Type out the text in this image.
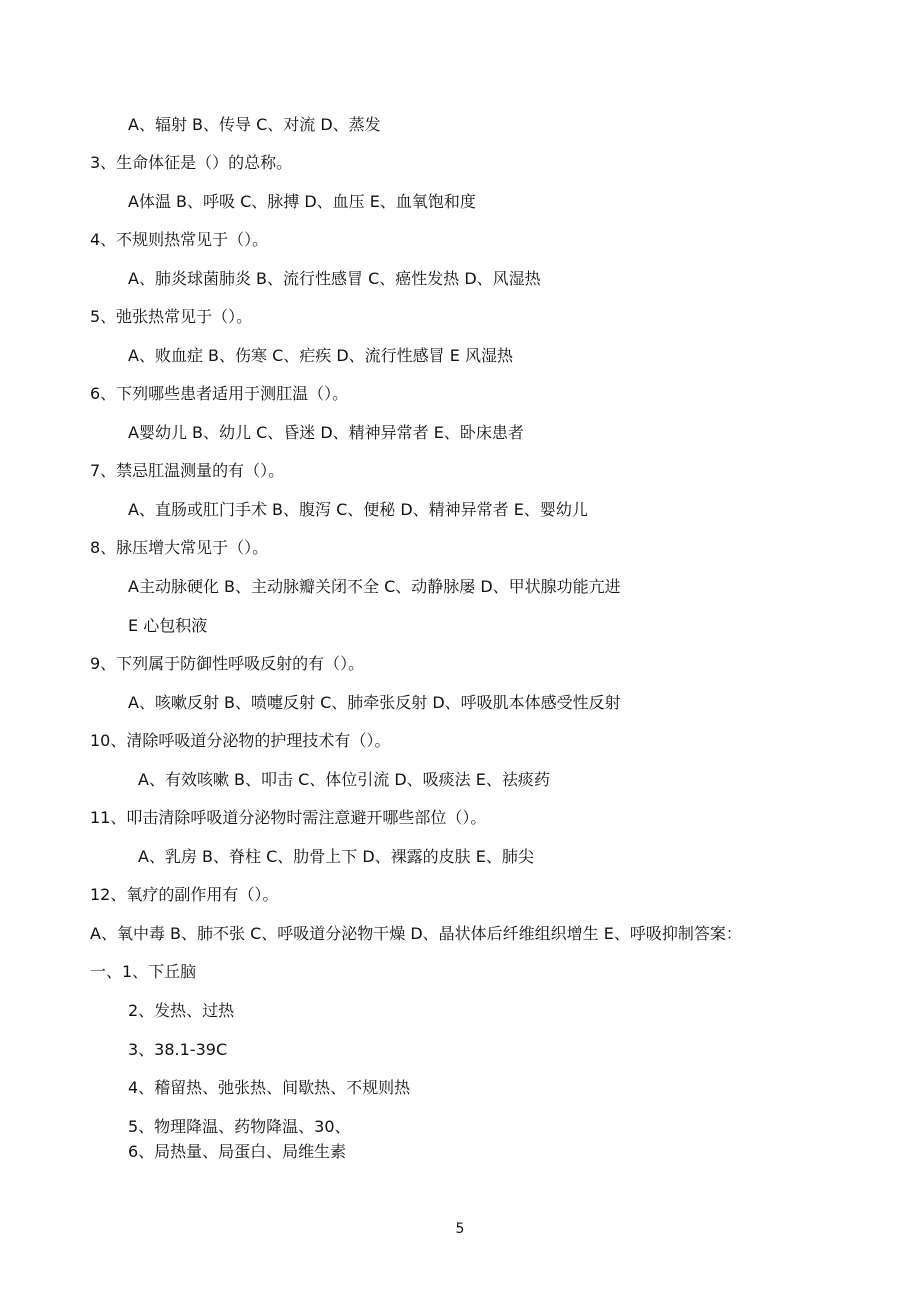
A、辐射 B、传导 C、对流 D、蒸发
3、生命体征是（）的总称。
A体温 B、呼吸 C、脉搏 D、血压 E、血氧饱和度
4、不规则热常见于（）。
A、肺炎球菌肺炎 B、流行性感冒 C、癌性发热 D、风湿热
5、弛张热常见于（）。
A、败血症 B、伤寒 C、疟疾 D、流行性感冒 E 风湿热
6、下列哪些患者适用于测肛温（）。
A婴幼儿 B、幼儿 C、昏迷 D、精神异常者 E、卧床患者
7、禁忌肛温测量的有（）。
A、直肠或肛门手术 B、腹泻 C、便秘 D、精神异常者 E、婴幼儿
8、脉压增大常见于（）。
A主动脉硬化 B、主动脉瓣关闭不全 C、动静脉屡 D、甲状腺功能亢进
E 心包积液
9、下列属于防御性呼吸反射的有（）。
A、咳嗽反射 B、喷嚏反射 C、肺牵张反射 D、呼吸肌本体感受性反射
10、清除呼吸道分泌物的护理技术有（）。
A、有效咳嗽 B、叩击 C、体位引流 D、吸痰法 E、祛痰药
11、叩击清除呼吸道分泌物时需注意避开哪些部位（）。
A、乳房 B、脊柱 C、肋骨上下 D、裸露的皮肤 E、肺尖
12、氧疗的副作用有（）。
A、氧中毒 B、肺不张 C、呼吸道分泌物干燥 D、晶状体后纤维组织增生 E、呼吸抑制答案：
一、1、下丘脑
2、发热、过热
3、38.1-39C
4、稽留热、弛张热、间歇热、不规则热
5、物理降温、药物降温、30、
6、局热量、局蛋白、局维生素
5
